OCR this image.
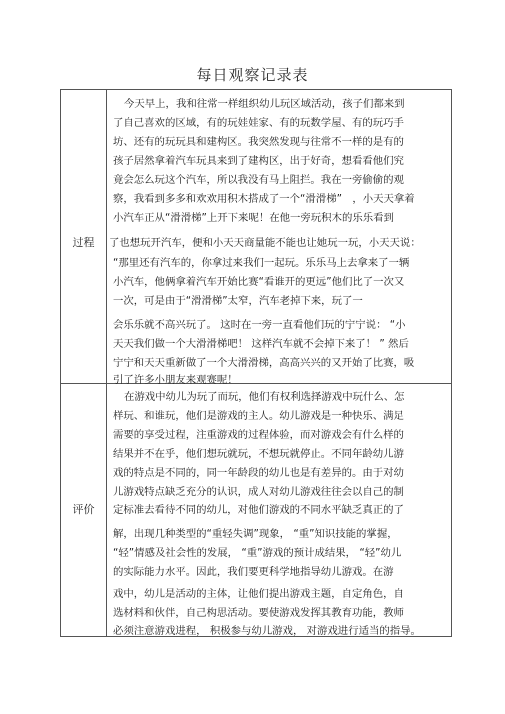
每日观察记录表
过程
评价
今天早上，我和往常一样组织幼儿玩区域活动，孩子们都来到
了自己喜欢的区域，有的玩娃娃家、有的玩数学屋、有的玩巧手
坊、还有的玩玩具和建构区。我突然发现与往常不一样的是有的
孩子居然拿着汽车玩具来到了建构区，出于好奇，想看看他们究
竟会怎么玩这个汽车，所以我没有马上阻拦。我在一旁偷偷的观
察，我看到多多和欢欢用积木搭成了一个“滑滑梯”　，小天天拿着
小汽车正从“滑滑梯”上开下来呢！在他一旁玩积木的乐乐看到
了也想玩开汽车，便和小天天商量能不能也让她玩一玩，小天天说：
“那里还有汽车的，你拿过来我们一起玩。乐乐马上去拿来了一辆
小汽车，他俩拿着汽车开始比赛“看谁开的更远”他们比了一次又
一次，可是由于“滑滑梯”太窄，汽车老掉下来，玩了一
会乐乐就不高兴玩了。 这时在一旁一直看他们玩的宁宁说： “小
天天我们做一个大滑滑梯吧！ 这样汽车就不会掉下来了！ ” 然后
宁宁和天天重新做了一个大滑滑梯，高高兴兴的又开始了比赛，吸
引了许多小朋友来观赛呢！
在游戏中幼儿为玩了而玩，他们有权利选择游戏中玩什么、怎
样玩、和谁玩，他们是游戏的主人。幼儿游戏是一种快乐、满足
需要的享受过程，注重游戏的过程体验，而对游戏会有什么样的
结果并不在乎，他们想玩就玩，不想玩就停止。不同年龄幼儿游
戏的特点是不同的，同一年龄段的幼儿也是有差异的。由于对幼
儿游戏特点缺乏充分的认识，成人对幼儿游戏往往会以自己的制
定标准去看待不同的幼儿，对他们游戏的不同水平缺乏真正的了
解，出现几种类型的“重轻失调”现象， “重”知识技能的掌握，
“轻”情感及社会性的发展， “重”游戏的预计成结果， “轻”幼儿
的实际能力水平。因此，我们要更科学地指导幼儿游戏。在游
戏中，幼儿是活动的主体，让他们提出游戏主题，自定角色，自
选材料和伙伴，自己构思活动。要使游戏发挥其教育功能，教师
必须注意游戏进程， 积极参与幼儿游戏， 对游戏进行适当的指导。
